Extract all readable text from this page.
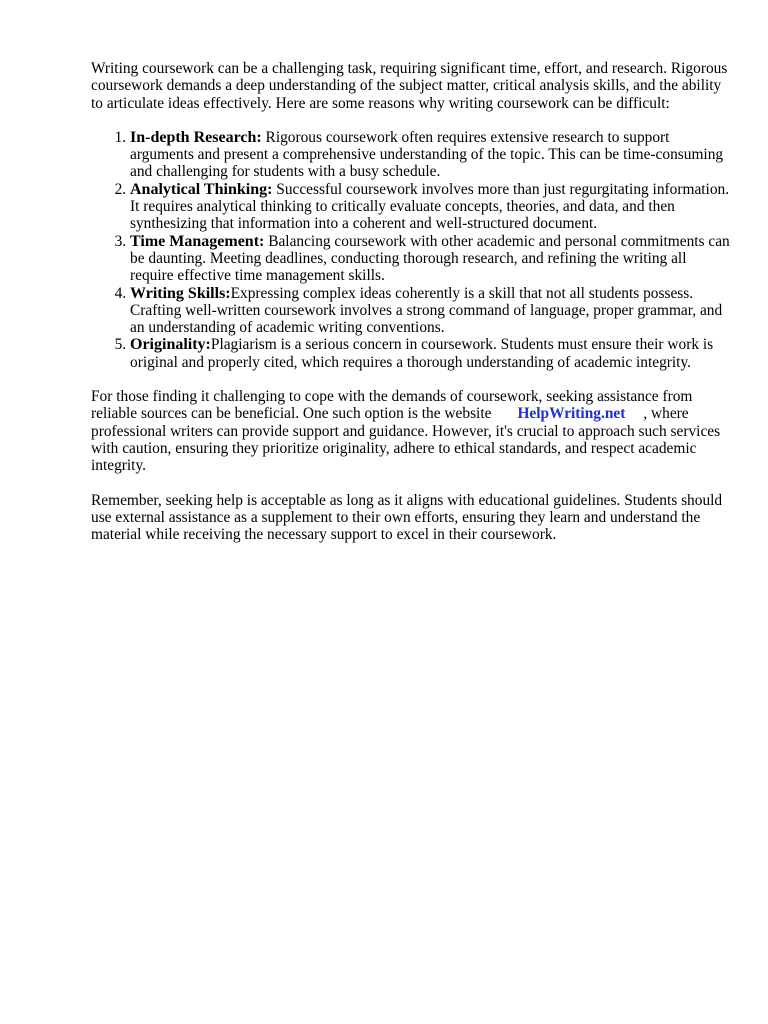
Writing coursework can be a challenging task, requiring significant time, effort, and research. Rigorous coursework demands a deep understanding of the subject matter, critical analysis skills, and the ability to articulate ideas effectively. Here are some reasons why writing coursework can be difficult:

1. In-depth Research: Rigorous coursework often requires extensive research to support arguments and present a comprehensive understanding of the topic. This can be time-consuming and challenging for students with a busy schedule.
2. Analytical Thinking: Successful coursework involves more than just regurgitating information. It requires analytical thinking to critically evaluate concepts, theories, and data, and then synthesizing that information into a coherent and well-structured document.
3. Time Management: Balancing coursework with other academic and personal commitments can be daunting. Meeting deadlines, conducting thorough research, and refining the writing all require effective time management skills.
4. Writing Skills:Expressing complex ideas coherently is a skill that not all students possess. Crafting well-written coursework involves a strong command of language, proper grammar, and an understanding of academic writing conventions.
5. Originality:Plagiarism is a serious concern in coursework. Students must ensure their work is original and properly cited, which requires a thorough understanding of academic integrity.

For those finding it challenging to cope with the demands of coursework, seeking assistance from reliable sources can be beneficial. One such option is the website HelpWriting.net , where professional writers can provide support and guidance. However, it's crucial to approach such services with caution, ensuring they prioritize originality, adhere to ethical standards, and respect academic integrity.

Remember, seeking help is acceptable as long as it aligns with educational guidelines. Students should use external assistance as a supplement to their own efforts, ensuring they learn and understand the material while receiving the necessary support to excel in their coursework.
